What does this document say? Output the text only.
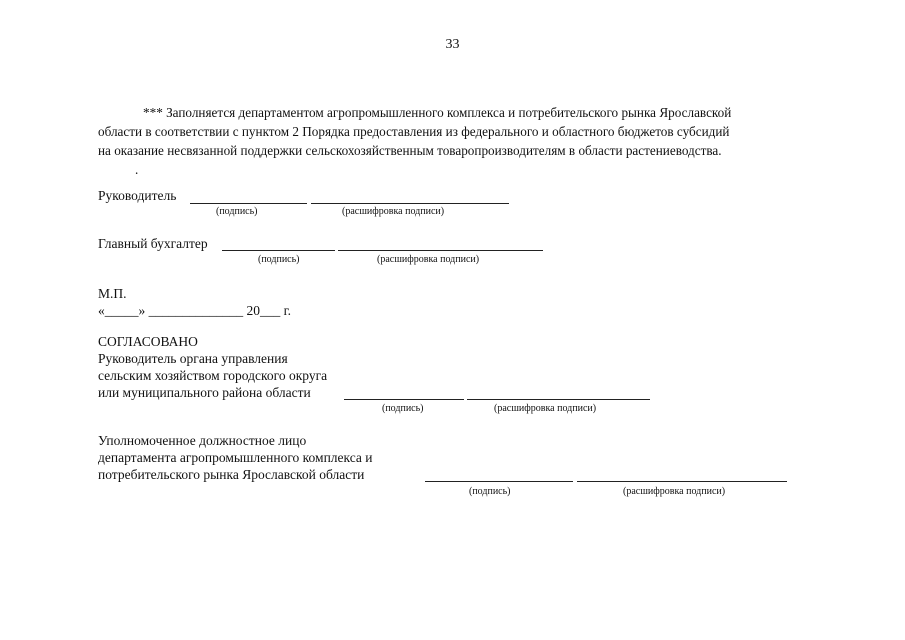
33
*** Заполняется департаментом агропромышленного комплекса и потребительского рынка Ярославской
области в соответствии с пунктом 2 Порядка предоставления из федерального и областного бюджетов субсидий
на оказание несвязанной поддержки сельскохозяйственным товаропроизводителям в области растениеводства.
.
Руководитель
(подпись)	(расшифровка подписи)
Главный бухгалтер
(подпись)	(расшифровка подписи)
М.П.
«_____» ______________ 20___ г.
СОГЛАСОВАНО
Руководитель органа управления
сельским хозяйством городского округа
или муниципального района области
(подпись)	(расшифровка подписи)
Уполномоченное должностное лицо
департамента агропромышленного комплекса и
потребительского рынка Ярославской области
(подпись)	(расшифровка подписи)
